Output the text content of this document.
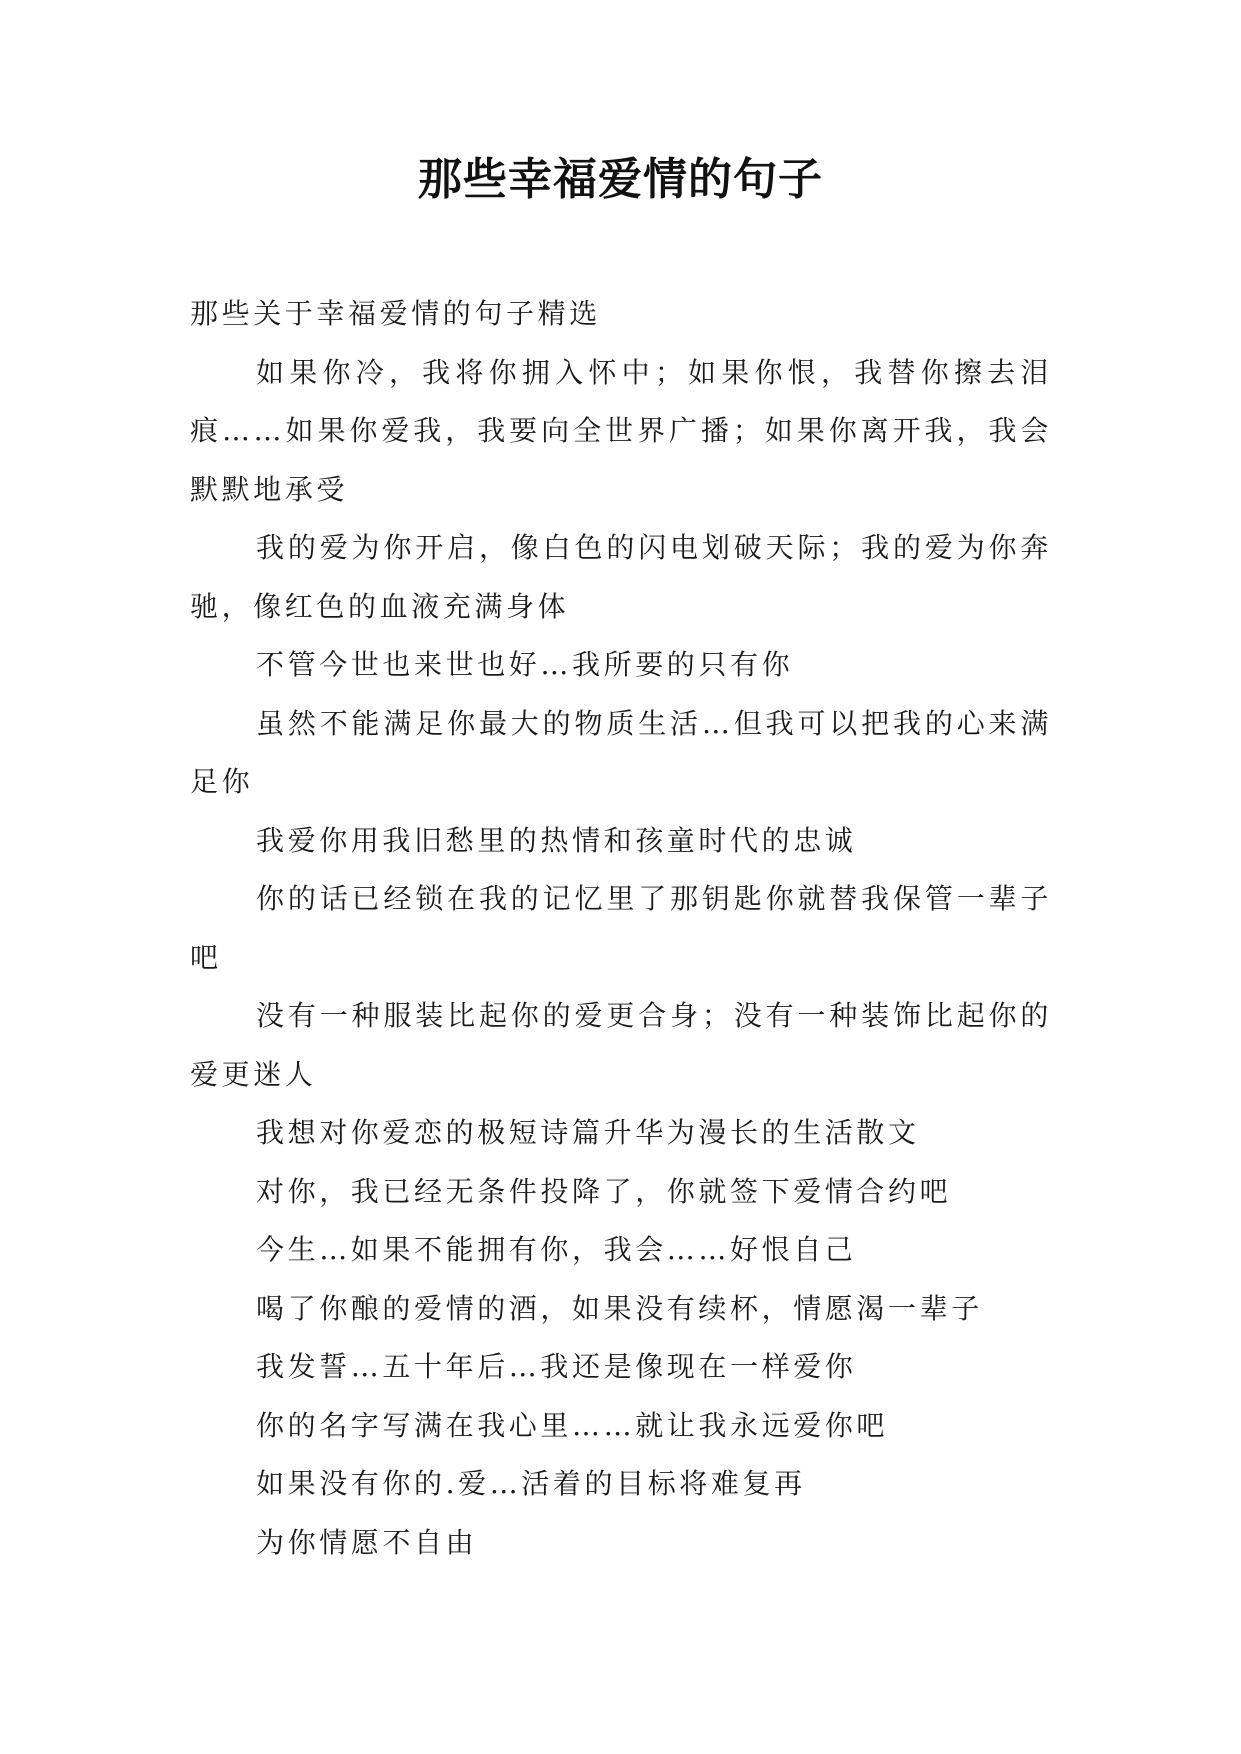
那些幸福爱情的句子

那些关于幸福爱情的句子精选

如果你冷，我将你拥入怀中；如果你恨，我替你擦去泪痕……如果你爱我，我要向全世界广播；如果你离开我，我会默默地承受

我的爱为你开启，像白色的闪电划破天际；我的爱为你奔驰，像红色的血液充满身体

不管今世也来世也好…我所要的只有你

虽然不能满足你最大的物质生活…但我可以把我的心来满足你

我爱你用我旧愁里的热情和孩童时代的忠诚

你的话已经锁在我的记忆里了那钥匙你就替我保管一辈子吧

没有一种服装比起你的爱更合身；没有一种装饰比起你的爱更迷人

我想对你爱恋的极短诗篇升华为漫长的生活散文

对你，我已经无条件投降了，你就签下爱情合约吧

今生…如果不能拥有你，我会……好恨自己

喝了你酿的爱情的酒，如果没有续杯，情愿渴一辈子

我发誓…五十年后…我还是像现在一样爱你

你的名字写满在我心里……就让我永远爱你吧

如果没有你的.爱…活着的目标将难复再

为你情愿不自由
